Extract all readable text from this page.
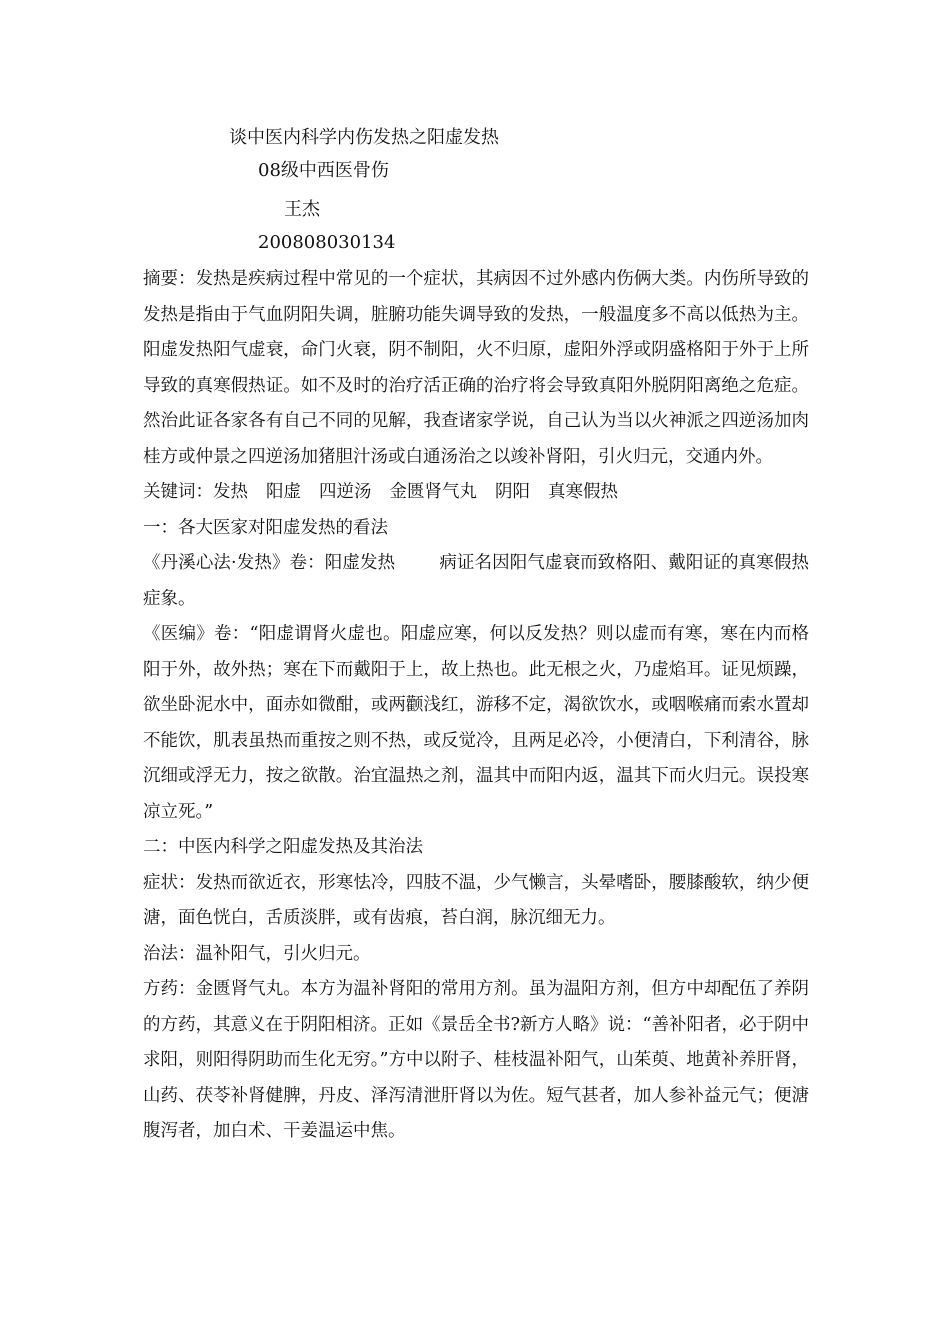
谈中医内科学内伤发热之阳虚发热
08级中西医骨伤
王杰
200808030134

摘要：发热是疾病过程中常见的一个症状，其病因不过外感内伤俩大类。内伤所导致的发热是指由于气血阴阳失调，脏腑功能失调导致的发热，一般温度多不高以低热为主。阳虚发热阳气虚衰，命门火衰，阴不制阳，火不归原，虚阳外浮或阴盛格阳于外于上所导致的真寒假热证。如不及时的治疗活正确的治疗将会导致真阳外脱阴阳离绝之危症。然治此证各家各有自己不同的见解，我查诸家学说，自己认为当以火神派之四逆汤加肉桂方或仲景之四逆汤加猪胆汁汤或白通汤治之以竣补肾阳，引火归元，交通内外。

关键词：发热 阳虚 四逆汤 金匮肾气丸 阴阳 真寒假热

一：各大医家对阳虚发热的看法

《丹溪心法·发热》卷：阳虚发热	病证名因阳气虚衰而致格阳、戴阳证的真寒假热症象。

《医编》卷：“阳虚谓肾火虚也。阳虚应寒，何以反发热？则以虚而有寒，寒在内而格阳于外，故外热；寒在下而戴阳于上，故上热也。此无根之火，乃虚焰耳。证见烦躁，欲坐卧泥水中，面赤如微酣，或两颧浅红，游移不定，渴欲饮水，或咽喉痛而索水置却不能饮，肌表虽热而重按之则不热，或反觉冷，且两足必冷，小便清白，下利清谷，脉沉细或浮无力，按之欲散。治宜温热之剂，温其中而阳内返，温其下而火归元。误投寒凉立死。”

二：中医内科学之阳虚发热及其治法

症状：发热而欲近衣，形寒怯冷，四肢不温，少气懒言，头晕嗜卧，腰膝酸软，纳少便溏，面色恍白，舌质淡胖，或有齿痕，苔白润，脉沉细无力。

治法：温补阳气，引火归元。

方药：金匮肾气丸。本方为温补肾阳的常用方剂。虽为温阳方剂，但方中却配伍了养阴的方药，其意义在于阴阳相济。正如《景岳全书?新方人略》说：“善补阳者，必于阴中求阳，则阳得阴助而生化无穷。”方中以附子、桂枝温补阳气，山茱萸、地黄补养肝肾，山药、茯苓补肾健脾，丹皮、泽泻清泄肝肾以为佐。短气甚者，加人参补益元气；便溏腹泻者，加白术、干姜温运中焦。
